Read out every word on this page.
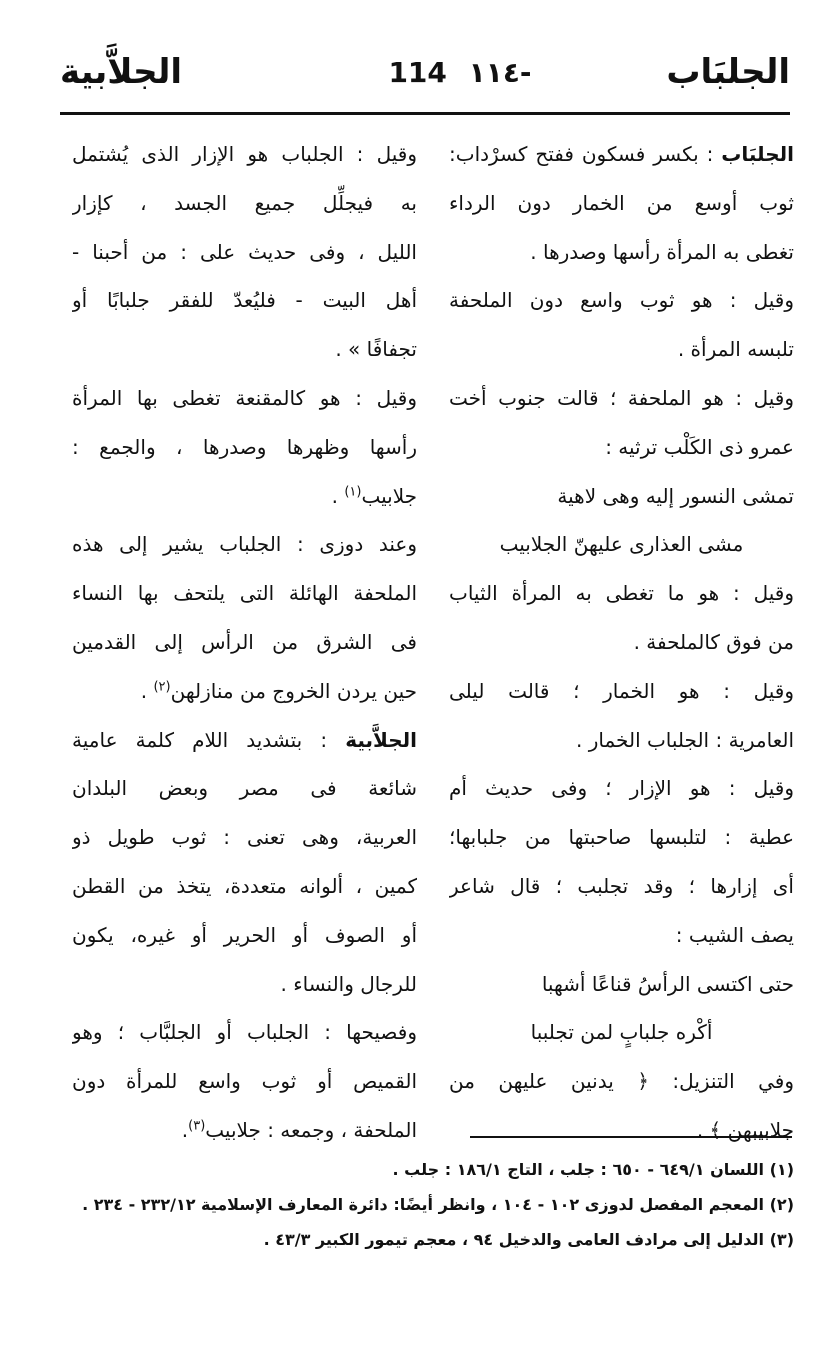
الجلبَاب
114 ١١٤-
الجلاَّبية
الجلبَاب : بكسر فسكون ففتح كسرْداب:
ثوب أوسع من الخمار دون الرداء
تغطى به المرأة رأسها وصدرها .
وقيل : هو ثوب واسع دون الملحفة
تلبسه المرأة .
وقيل : هو الملحفة ؛ قالت جنوب أخت
عمرو ذى الكَلْب ترثيه :
تمشى النسور إليه وهى لاهية
مشى العذارى عليهنّ الجلابيب
وقيل : هو ما تغطى به المرأة الثياب
من فوق كالملحفة .
وقيل : هو الخمار ؛ قالت ليلى
العامرية : الجلباب الخمار .
وقيل : هو الإزار ؛ وفى حديث أم
عطية : لتلبسها صاحبتها من جلبابها؛
أى إزارها ؛ وقد تجلبب ؛ قال شاعر
يصف الشيب :
حتى اكتسى الرأسُ قناعًا أشهبا
أكْره جلبابٍ لمن تجلببا
وفي التنزيل: ﴿ يدنين عليهن من
جلابيبهن ﴾ .
وقيل : الجلباب هو الإزار الذى يُشتمل
به فيجلِّل جميع الجسد ، كإزار
الليل ، وفى حديث على : من أحبنا -
أهل البيت - فليُعدّ للفقر جلبابًا أو
تجفافًا » .
وقيل : هو كالمقنعة تغطى بها المرأة
رأسها وظهرها وصدرها ، والجمع :
جلابيب$^{(١)}$ .
وعند دوزى : الجلباب يشير إلى هذه
الملحفة الهائلة التى يلتحف بها النساء
فى الشرق من الرأس إلى القدمين
حين يردن الخروج من منازلهن$^{(٢)}$ .
الجلاَّبية : بتشديد اللام كلمة عامية
شائعة فى مصر وبعض البلدان
العربية، وهى تعنى : ثوب طويل ذو
كمين ، ألوانه متعددة، يتخذ من القطن
أو الصوف أو الحرير أو غيره، يكون
للرجال والنساء .
وفصيحها : الجلباب أو الجلبَّاب ؛ وهو
القميص أو ثوب واسع للمرأة دون
الملحفة ، وجمعه : جلابيب$^{(٣)}$.
(١) اللسان ٦٤٩/١ - ٦٥٠ : جلب ، التاج ١٨٦/١ : جلب .
(٢) المعجم المفصل لدوزى ١٠٢ - ١٠٤ ، وانظر أيضًا: دائرة المعارف الإسلامية ٢٣٢/١٢ - ٢٣٤ .
(٣) الدليل إلى مرادف العامى والدخيل ٩٤ ، معجم تيمور الكبير ٤٣/٣ .
